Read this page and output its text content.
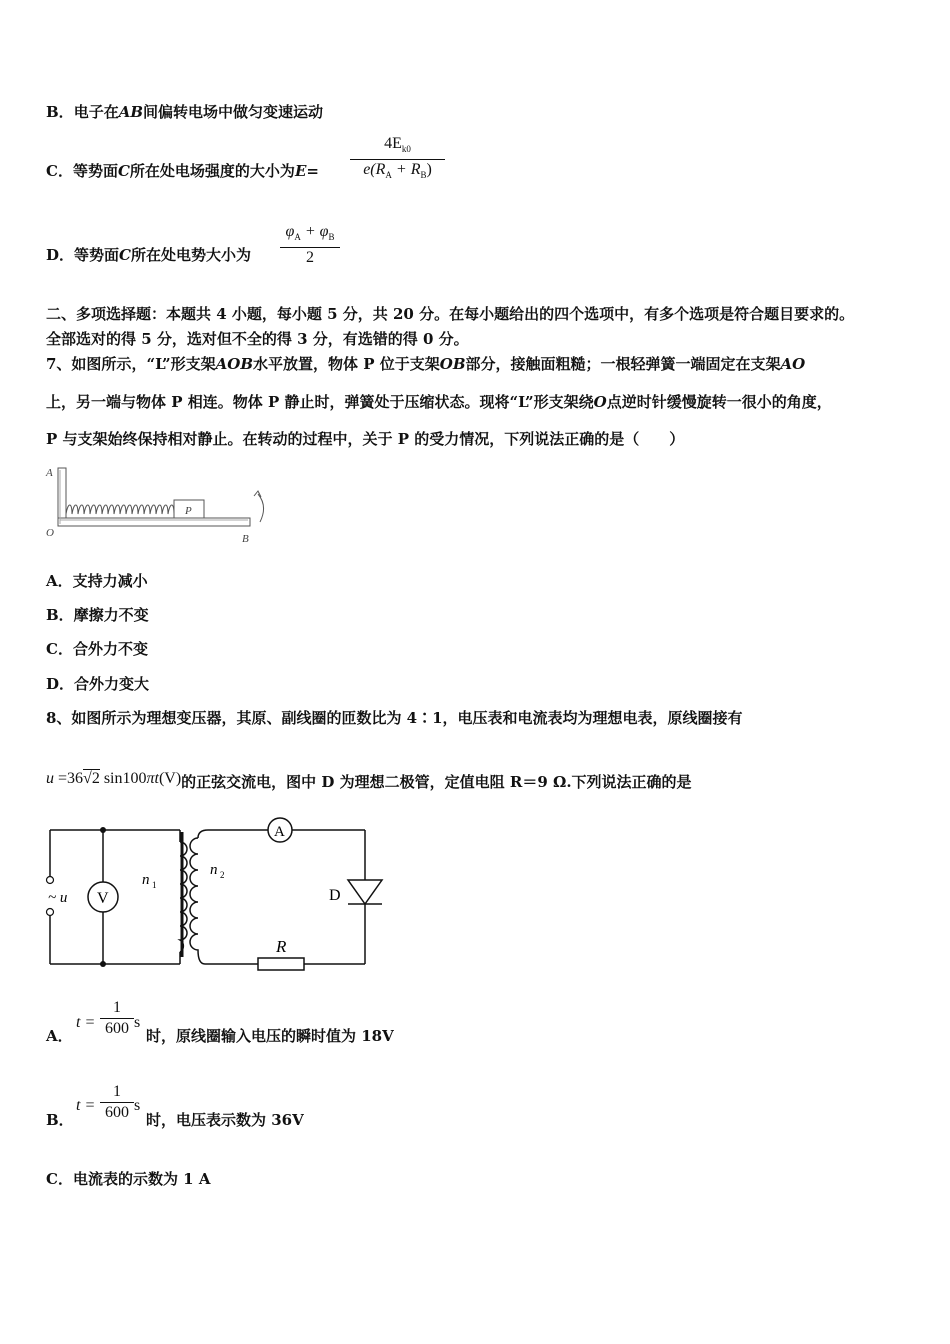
B．电子在AB间偏转电场中做匀变速运动
C．等势面C所在处电场强度的大小为E=
$4E_{k0}$
$e(R_A + R_B)$
D．等势面C所在处电势大小为
$\varphi_A + \varphi_B$
2
二、多项选择题：本题共 4 小题，每小题 5 分，共 20 分。在每小题给出的四个选项中，有多个选项是符合题目要求的。
全部选对的得 5 分，选对但不全的得 3 分，有选错的得 0 分。
7、如图所示，“L”形支架AOB水平放置，物体 P 位于支架OB部分，接触面粗糙；一根轻弹簧一端固定在支架AO
上，另一端与物体 P 相连。物体 P 静止时，弹簧处于压缩状态。现将“L”形支架绕O点逆时针缓慢旋转一很小的角度，
P 与支架始终保持相对静止。在转动的过程中，关于 P 的受力情况，下列说法正确的是（　　）
A
P
O	B
A．支持力减小
B．摩擦力不变
C．合外力不变
D．合外力变大
8、如图所示为理想变压器，其原、副线圈的匝数比为 4∶1，电压表和电流表均为理想电表，原线圈接有
u =36√2 sin100πt(V)的正弦交流电，图中 D 为理想二极管，定值电阻 R＝9 Ω.下列说法正确的是
V
A
~ u
n 1
n 2
D
R
A．
t =
1
600 s
时，原线圈输入电压的瞬时值为 18V
B．
t =
1
600 s
时，电压表示数为 36V
C．电流表的示数为 1 A
